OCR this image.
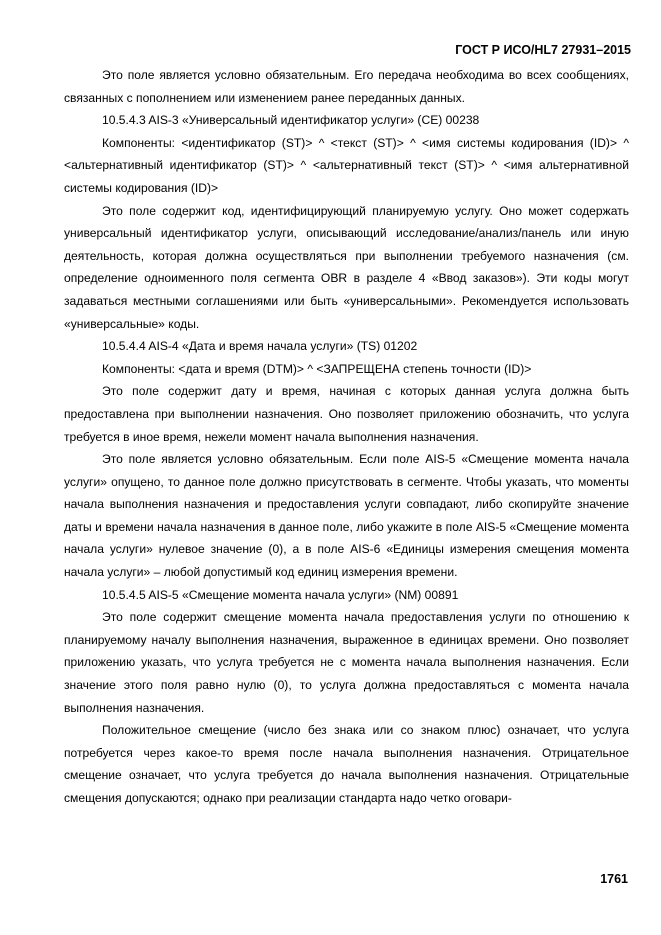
ГОСТ Р ИСО/HL7 27931–2015

Это поле является условно обязательным. Его передача необходима во всех сообщениях, связанных с пополнением или изменением ранее переданных данных.

10.5.4.3 AIS-3 «Универсальный идентификатор услуги» (CE) 00238

Компоненты: <идентификатор (ST)> ^ <текст (ST)> ^ <имя системы кодирования (ID)> ^ <альтернативный идентификатор (ST)> ^ <альтернативный текст (ST)> ^ <имя альтернативной системы кодирования (ID)>

Это поле содержит код, идентифицирующий планируемую услугу. Оно может содержать универсальный идентификатор услуги, описывающий исследование/анализ/панель или иную деятельность, которая должна осуществляться при выполнении требуемого назначения (см. определение одноименного поля сегмента OBR в разделе 4 «Ввод заказов»). Эти коды могут задаваться местными соглашениями или быть «универсальными». Рекомендуется использовать «универсальные» коды.

10.5.4.4 AIS-4 «Дата и время начала услуги» (TS) 01202

Компоненты: <дата и время (DTM)> ^ <ЗАПРЕЩЕНА степень точности (ID)>

Это поле содержит дату и время, начиная с которых данная услуга должна быть предоставлена при выполнении назначения. Оно позволяет приложению обозначить, что услуга требуется в иное время, нежели момент начала выполнения назначения.

Это поле является условно обязательным. Если поле AIS-5 «Смещение момента начала услуги» опущено, то данное поле должно присутствовать в сегменте. Чтобы указать, что моменты начала выполнения назначения и предоставления услуги совпадают, либо скопируйте значение даты и времени начала назначения в данное поле, либо укажите в поле AIS-5 «Смещение момента начала услуги» нулевое значение (0), а в поле AIS-6 «Единицы измерения смещения момента начала услуги» – любой допустимый код единиц измерения времени.

10.5.4.5 AIS-5 «Смещение момента начала услуги» (NM) 00891

Это поле содержит смещение момента начала предоставления услуги по отношению к планируемому началу выполнения назначения, выраженное в единицах времени. Оно позволяет приложению указать, что услуга требуется не с момента начала выполнения назначения. Если значение этого поля равно нулю (0), то услуга должна предоставляться с момента начала выполнения назначения.

Положительное смещение (число без знака или со знаком плюс) означает, что услуга потребуется через какое-то время после начала выполнения назначения. Отрицательное смещение означает, что услуга требуется до начала выполнения назначения. Отрицательные смещения допускаются; однако при реализации стандарта надо четко оговари-

1761
